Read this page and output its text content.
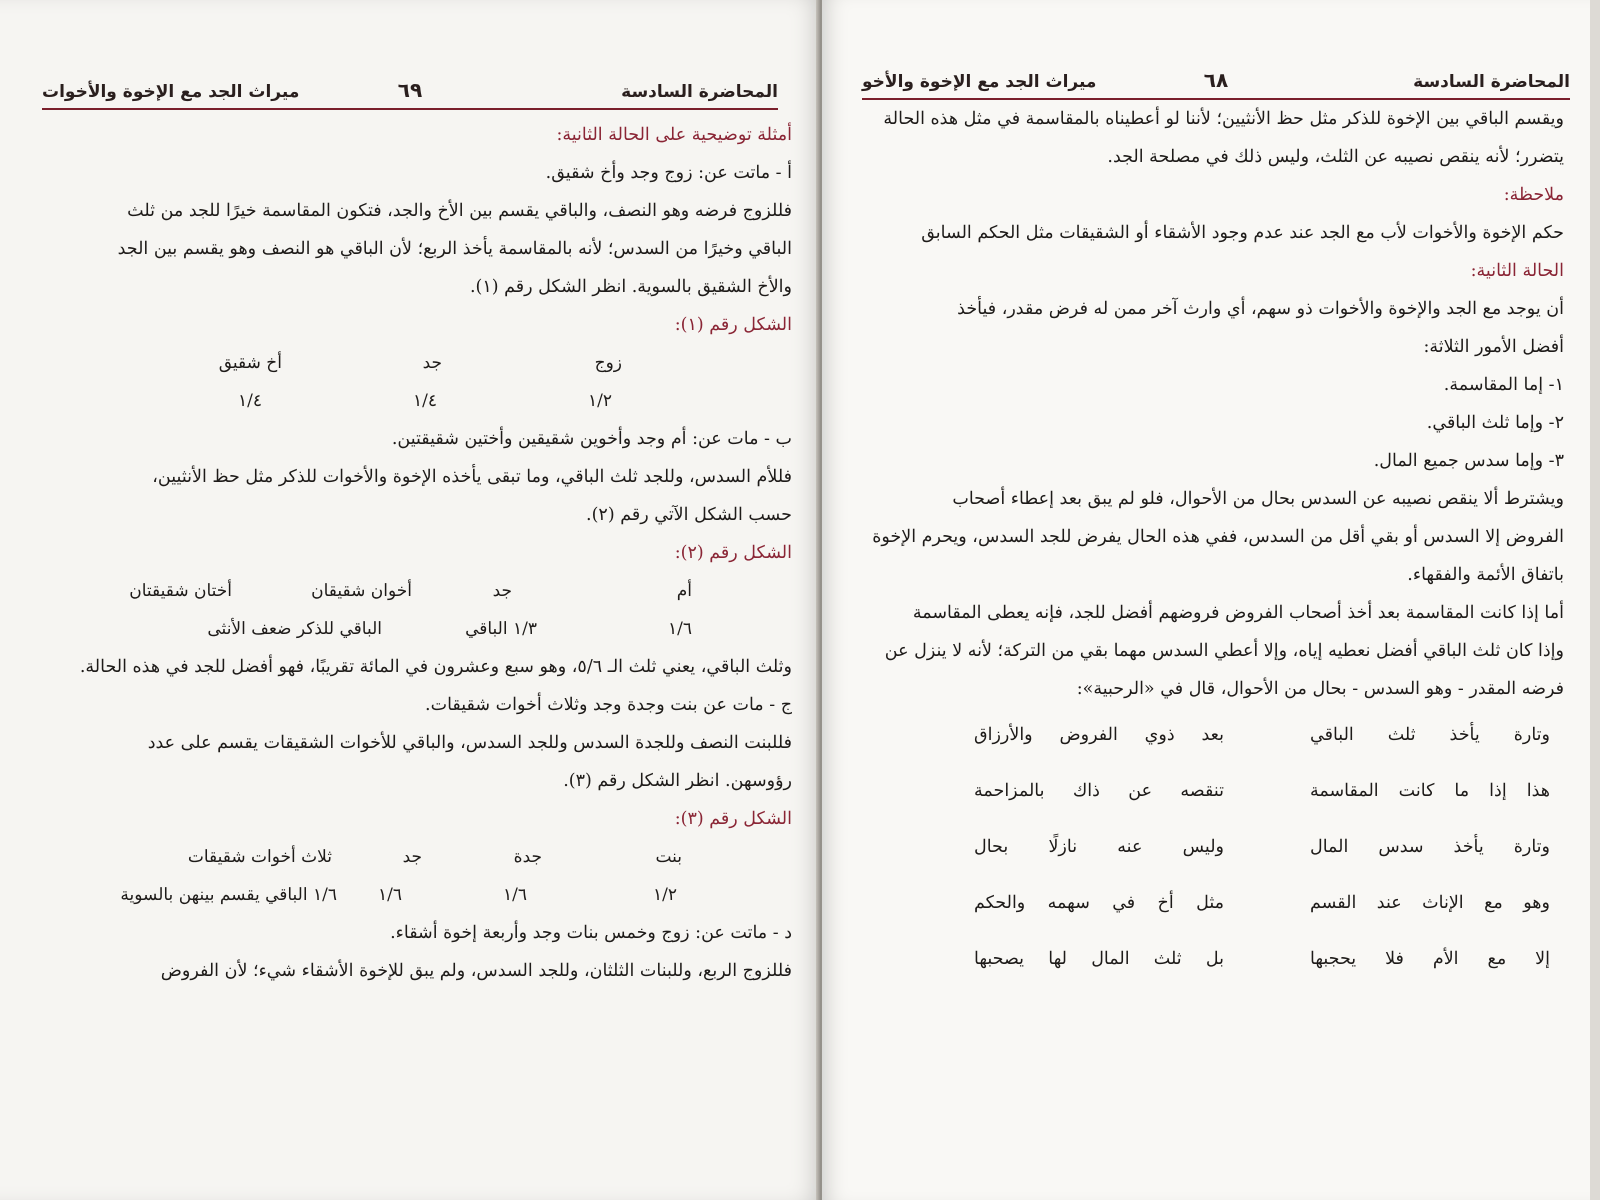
المحاضرة السادسة
٦٩
ميراث الجد مع الإخوة والأخوات

أمثلة توضيحية على الحالة الثانية:

أ - ماتت عن: زوج وجد وأخ شقيق.

فللزوج فرضه وهو النصف، والباقي يقسم بين الأخ والجد، فتكون المقاسمة خيرًا للجد من ثلث

الباقي وخيرًا من السدس؛ لأنه بالمقاسمة يأخذ الربع؛ لأن الباقي هو النصف وهو يقسم بين الجد

والأخ الشقيق بالسوية. انظر الشكل رقم (١).

الشكل رقم (١):

زوج
جد
أخ شقيق
١/٢
١/٤
١/٤

ب - مات عن: أم وجد وأخوين شقيقين وأختين شقيقتين.

فللأم السدس، وللجد ثلث الباقي، وما تبقى يأخذه الإخوة والأخوات للذكر مثل حظ الأنثيين،

حسب الشكل الآتي رقم (٢).

الشكل رقم (٢):

أم
جد
أخوان شقيقان
أختان شقيقتان
١/٦
١/٣ الباقي
الباقي للذكر ضعف الأنثى

وثلث الباقي، يعني ثلث الـ ٥/٦، وهو سبع وعشرون في المائة تقريبًا، فهو أفضل للجد في هذه الحالة.

ج - مات عن بنت وجدة وجد وثلاث أخوات شقيقات.

فللبنت النصف وللجدة السدس وللجد السدس، والباقي للأخوات الشقيقات يقسم على عدد

رؤوسهن. انظر الشكل رقم (٣).

الشكل رقم (٣):

بنت
جدة
جد
ثلاث أخوات شقيقات
١/٢
١/٦
١/٦
١/٦ الباقي يقسم بينهن بالسوية

د - ماتت عن: زوج وخمس بنات وجد وأربعة إخوة أشقاء.

فللزوج الربع، وللبنات الثلثان، وللجد السدس، ولم يبق للإخوة الأشقاء شيء؛ لأن الفروض

المحاضرة السادسة
٦٨
ميراث الجد مع الإخوة والأخو

ويقسم الباقي بين الإخوة للذكر مثل حظ الأنثيين؛ لأننا لو أعطيناه بالمقاسمة في مثل هذه الحالة

يتضرر؛ لأنه ينقص نصيبه عن الثلث، وليس ذلك في مصلحة الجد.

ملاحظة:

حكم الإخوة والأخوات لأب مع الجد عند عدم وجود الأشقاء أو الشقيقات مثل الحكم السابق

الحالة الثانية:

أن يوجد مع الجد والإخوة والأخوات ذو سهم، أي وارث آخر ممن له فرض مقدر، فيأخذ

أفضل الأمور الثلاثة:

١- إما المقاسمة.

٢- وإما ثلث الباقي.

٣- وإما سدس جميع المال.

ويشترط ألا ينقص نصيبه عن السدس بحال من الأحوال، فلو لم يبق بعد إعطاء أصحاب

الفروض إلا السدس أو بقي أقل من السدس، ففي هذه الحال يفرض للجد السدس، ويحرم الإخوة

باتفاق الأئمة والفقهاء.

أما إذا كانت المقاسمة بعد أخذ أصحاب الفروض فروضهم أفضل للجد، فإنه يعطى المقاسمة

وإذا كان ثلث الباقي أفضل نعطيه إياه، وإلا أعطي السدس مهما بقي من التركة؛ لأنه لا ينزل عن

فرضه المقدر - وهو السدس - بحال من الأحوال، قال في «الرحبية»:

وتارة يأخذ ثلث الباقي
بعد ذوي الفروض والأرزاق
هذا إذا ما كانت المقاسمة
تنقصه عن ذاك بالمزاحمة
وتارة يأخذ سدس المال
وليس عنه نازلًا بحال
وهو مع الإناث عند القسم
مثل أخ في سهمه والحكم
إلا مع الأم فلا يحجبها
بل ثلث المال لها يصحبها
